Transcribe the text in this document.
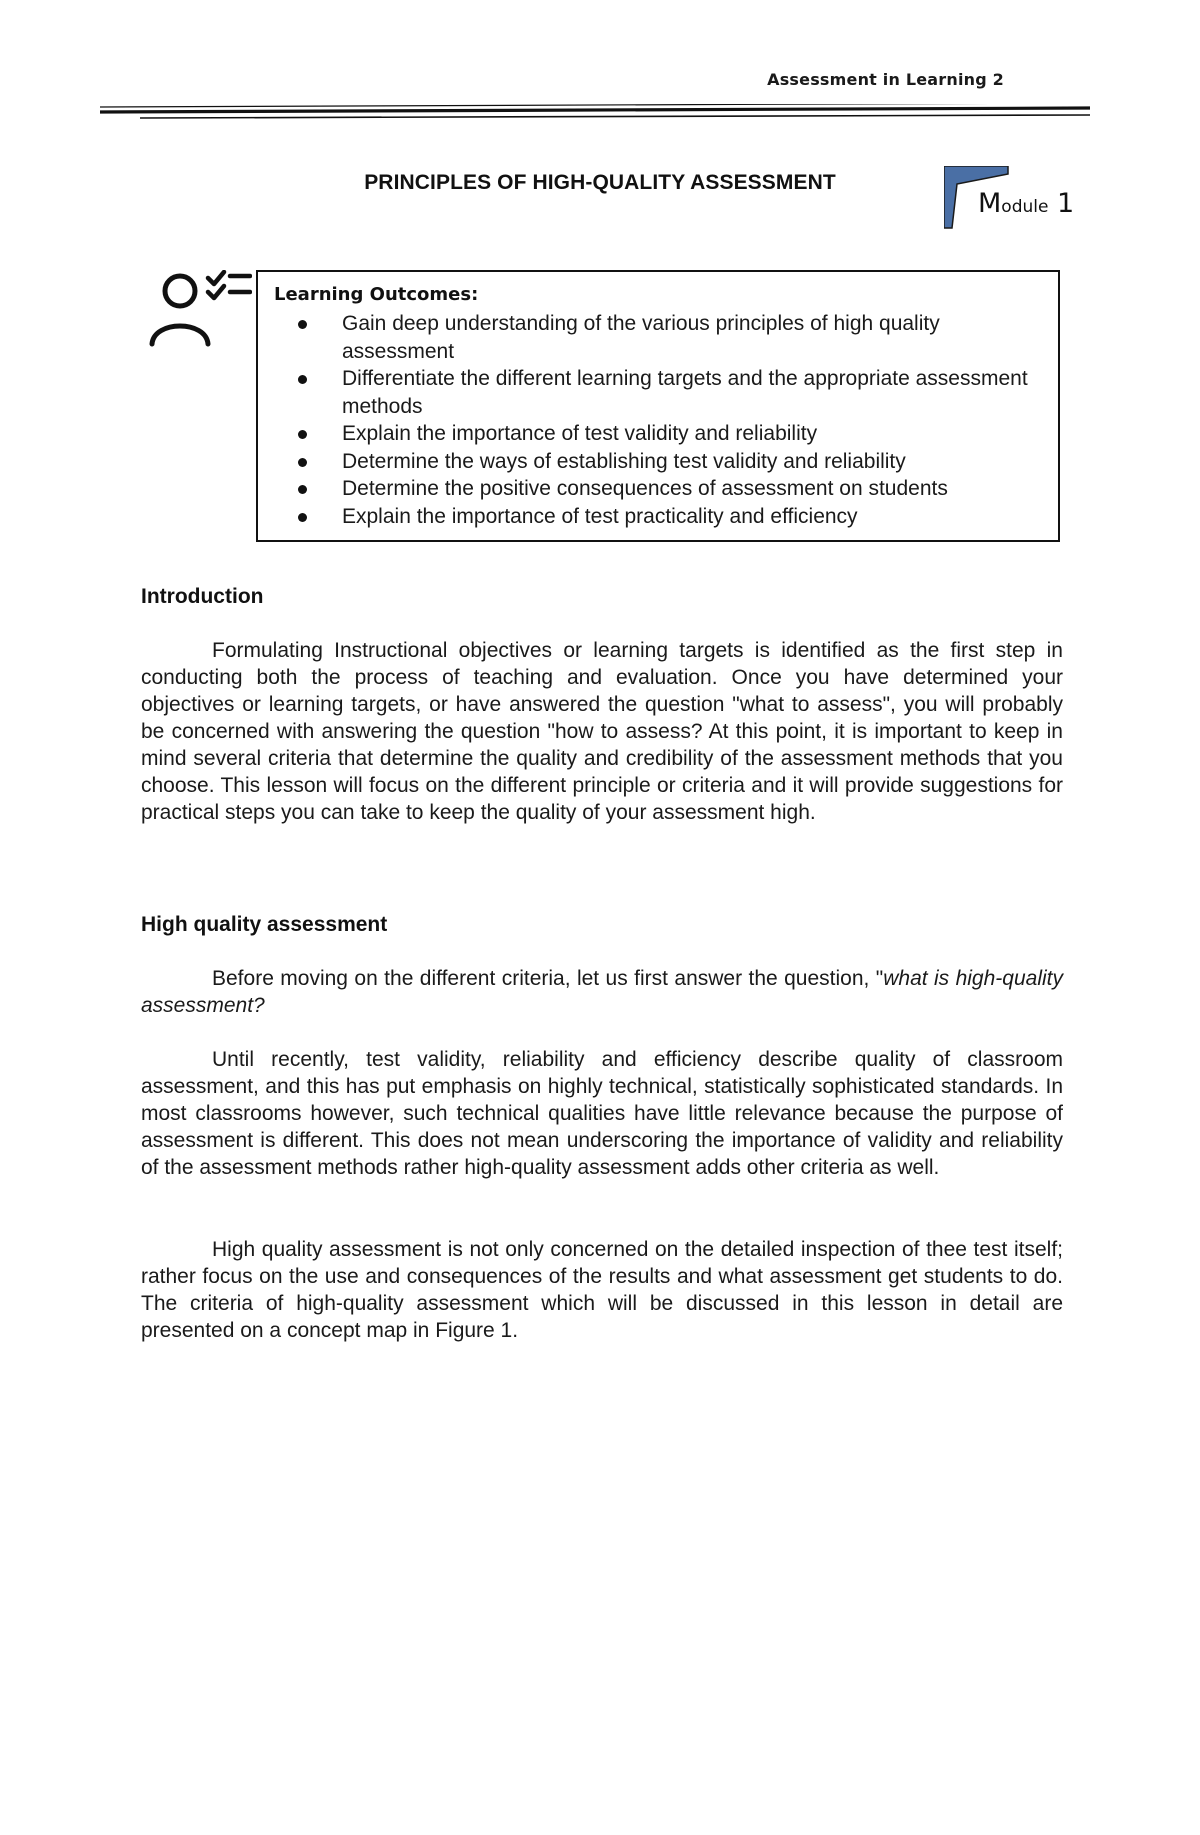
Assessment in Learning 2
PRINCIPLES OF HIGH-QUALITY ASSESSMENT
Module 1
Learning Outcomes:
Gain deep understanding of the various principles of high quality assessment
Differentiate the different learning targets and the appropriate assessment methods
Explain the importance of test validity and reliability
Determine the ways of establishing test validity and reliability
Determine the positive consequences of assessment on students
Explain the importance of test practicality and efficiency
Introduction

Formulating Instructional objectives or learning targets is identified as the first step in conducting both the process of teaching and evaluation. Once you have determined your objectives or learning targets, or have answered the question "what to assess", you will probably be concerned with answering the question "how to assess? At this point, it is important to keep in mind several criteria that determine the quality and credibility of the assessment methods that you choose. This lesson will focus on the different principle or criteria and it will provide suggestions for practical steps you can take to keep the quality of your assessment high.

High quality assessment

Before moving on the different criteria, let us first answer the question, "what is high-quality assessment?

Until recently, test validity, reliability and efficiency describe quality of classroom assessment, and this has put emphasis on highly technical, statistically sophisticated standards. In most classrooms however, such technical qualities have little relevance because the purpose of assessment is different. This does not mean underscoring the importance of validity and reliability of the assessment methods rather high-quality assessment adds other criteria as well.

High quality assessment is not only concerned on the detailed inspection of thee test itself; rather focus on the use and consequences of the results and what assessment get students to do. The criteria of high-quality assessment which will be discussed in this lesson in detail are presented on a concept map in Figure 1.
